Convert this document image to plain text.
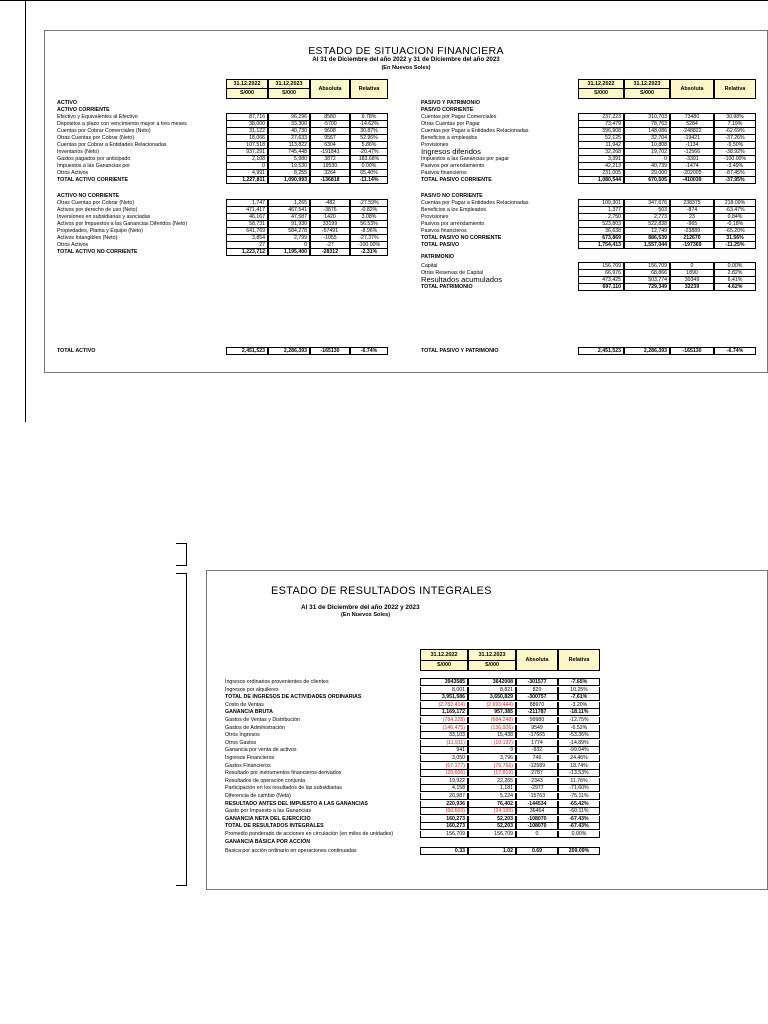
ESTADO DE SITUACION FINANCIERA
Al 31 de Diciembre del año 2022 y 31 de Diciembre del año 2023
(En Nuevos Soles)
31.12.2022
S/000
31.12.2023
S/000
Absoluta	Relativa
31.12.2022
S/000
31.12.2023
S/000
Absoluta	Relativa
ACTIVO
ACTIVO CORRIENTE
Efectivo y Equivalentes al Efectivo	87,716	96,296	8580	9.78%
Depositos a plazo con vencimiento mayor a tres meses	38,000	33,300	-5700	-14.62%
Cuentas por Cobrar Comerciales (Neto)	31,122	40,730	9608	30.87%
Otras Cuentas por Cobrar (Neto)	18,066	27,633	9567	52.96%
Cuentas por Cobrar a Entidades Relacionadas	107,518	113,822	6304	5.86%
Inventarios (Neto)	937,291	745,448	-191843	-20.47%
Gastos pagados por anticipado	2,108	5,980	3872	183.68%
Impuestos a las Ganancias por	0	19,530	19530	0.00%
Otros Activos	4,991	8,255	3264	65.40%
TOTAL ACTIVO CORRIENTE	1,227,811	1,090,993	-136818	-11.14%
ACTIVO NO CORRIENTE
Otras Cuentas por Cobrar (Neto)	1,747	1,265	-482	-27.59%
Activos por derecho de uso (Neto)	471,417	467,541	-3876	-0.82%
Inversiones en subsidiarias y asociadas	46,167	47,587	1420	3.08%
Activos por Impuestos a las Ganancias Diferidos (Neto)	58,731	91,930	33199	56.53%
Propiedades, Planta y Equipo (Neto)	641,769	584,278	-57491	-8.96%
Activos Intangibles (Neto)	3,854	2,799	-1055	-27.37%
Otros Activos	27	0	-27	-100.00%
TOTAL ACTIVO NO CORRIENTE	1,223,712	1,195,400	-28312	-2.31%
TOTAL ACTIVO	2,451,523	2,286,393	-165130	-6.74%
PASIVO Y PATRIMONIO
PASIVO CORRIENTE
Cuentas por Pagar Comerciales	237,223	310,703	73480	30.98%
Otras Cuentas por Pagar	73,479	78,763	5284	7.19%
Cuentas por Pagar a Entidades Relacionadas	396,908	148,086	-248822	-62.69%
Beneficios a empleados	52,125	32,704	-19421	-37.26%
Provisiones	11,942	10,808	-1134	-9.50%
Ingresos diferidos	32,268	19,702	-12566	-38.92%
Impuestos a las Ganancias por pagar	3,391	0	-3391	-100.00%
Pasivos por arrendamiento	42,213	40,739	-1474	-3.49%
Pasivos financieros	231,005	29,000	-202005	-87.45%
TOTAL PASIVO CORRIENTE	1,080,544	670,505	-410039	-37.95%
PASIVO NO CORRIENTE
Cuentas por Pagar a Entidades Relacionadas	109,301	347,676	238375	218.09%
Beneficios a los Empleados	1,377	503	-874	-63.47%
Provisiones	2,750	2,773	23	0.84%
Pasivos por arrendamiento	523,803	522,838	-965	-0.18%
Pasivos financieros	36,638	12,749	-23889	-65.20%
TOTAL PASIVO NO CORRIENTE	673,869	886,539	212670	31.56%
TOTAL PASIVO	1,754,413	1,557,044	-197369	-11.25%
PATRIMONIO
Capital	156,709	156,709	0	0.00%
Otras Reservas de Capital	66,976	68,866	1890	2.82%
Resultados acumulados	473,425	503,774	30349	6.41%
TOTAL PATRIMONIO	697,110	729,349	32239	4.62%
TOTAL PASIVO Y PATRIMONIO	2,451,523	2,286,393	-165130	-6.74%
ESTADO DE RESULTADOS INTEGRALES
Al 31 de Diciembre del año 2022 y 2023
(En Nuevos Soles)
31.12.2022
S/000
31.12.2023
S/000
Absoluta	Relativa
Ingresos ordinarios provenientes de clientes	3943585	3642008	-301577	-7.65%
Ingresos por alquileres	8,001	8,821	820	10.25%
TOTAL DE INGRESOS DE ACTIVIDADES ORDINARIAS	3,951,586	3,650,829	-300757	-7.61%
Costo de Ventas	(2,782,414)	(2,693,444)	88970	-3.20%
GANANCIA BRUTA	1,169,172	957,385	-211787	-18.11%
Gastos de Ventas y Distribución	(784,228)	(684,248)	99980	-12.75%
Gastos de Administración	(146,475)	(136,926)	9549	-6.52%
Otros Ingresos	33,103	15,438	-17665	-53.36%
Otros Gastos	(11,911)	(10,137)	1774	-14.89%
Ganancia por venta de activos	941	9	-932	-99.04%
Ingresos Financieros	3,050	3,796	746	24.46%
Gastos Financieros	(67,177)	(79,766)	-12589	18.74%
Resultado por instrumentos financieros derivados	(20,606)	(17,819)	2787	-13.53%
Resultados de operación conjunta	19,922	22,265	2343	11.76%
Participación en los resultados de las subsidiarias	4,158	1,181	-2977	-71.60%
Diferencia de cambio (Neta)	20,987	5,224	-15763	-75.11%
RESULTADO ANTES DEL IMPUESTO A LAS GANANCIAS	220,936	76,402	-144534	-65.42%
Gasto por Impuesto a las Ganancias	(60,663)	(24,199)	36464	-60.11%
GANANCIA NETA DEL EJERCICIO	160,273	52,203	-108070	-67.43%
TOTAL DE RESULTADOS INTEGRALES	160,273	52,203	-108070	-67.43%
Promedio ponderado de acciones en circulación (en miles de unidades)	156,709	156,709	0	0.00%
GANANCIA BÁSICA POR ACCIÓN
Basica por acción ordinario en operaciones continuadas	0.33	1.02	0.69	209.09%
